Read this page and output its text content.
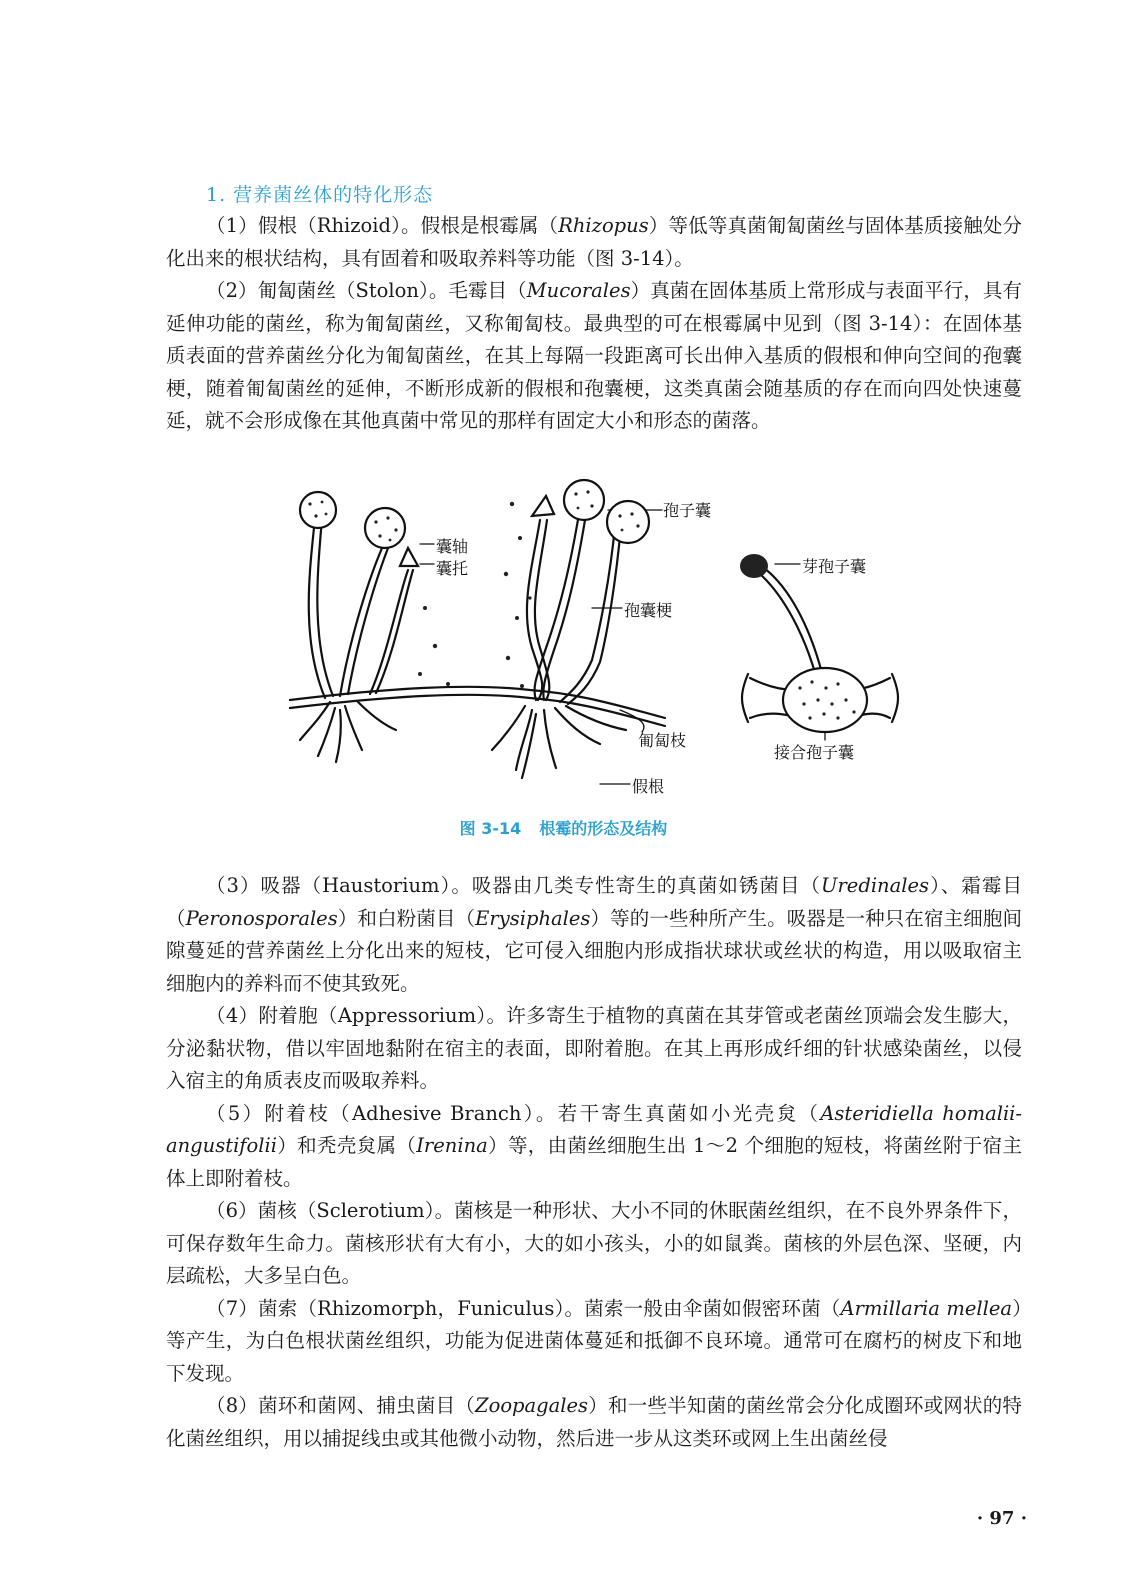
1. 营养菌丝体的特化形态

（1）假根（Rhizoid）。假根是根霉属（Rhizopus）等低等真菌匍匐菌丝与固体基质接触处分化出来的根状结构，具有固着和吸取养料等功能（图 3-14）。

（2）匍匐菌丝（Stolon）。毛霉目（Mucorales）真菌在固体基质上常形成与表面平行，具有延伸功能的菌丝，称为匍匐菌丝，又称匍匐枝。最典型的可在根霉属中见到（图 3-14）：在固体基质表面的营养菌丝分化为匍匐菌丝，在其上每隔一段距离可长出伸入基质的假根和伸向空间的孢囊梗，随着匍匐菌丝的延伸，不断形成新的假根和孢囊梗，这类真菌会随基质的存在而向四处快速蔓延，就不会形成像在其他真菌中常见的那样有固定大小和形态的菌落。

孢子囊
囊轴
囊托
孢囊梗
匍匐枝
假根
芽孢子囊
接合孢子囊
图 3-14 根霉的形态及结构

（3）吸器（Haustorium）。吸器由几类专性寄生的真菌如锈菌目（Uredinales）、霜霉目（Peronosporales）和白粉菌目（Erysiphales）等的一些种所产生。吸器是一种只在宿主细胞间隙蔓延的营养菌丝上分化出来的短枝，它可侵入细胞内形成指状球状或丝状的构造，用以吸取宿主细胞内的养料而不使其致死。

（4）附着胞（Appressorium）。许多寄生于植物的真菌在其芽管或老菌丝顶端会发生膨大，分泌黏状物，借以牢固地黏附在宿主的表面，即附着胞。在其上再形成纤细的针状感染菌丝，以侵入宿主的角质表皮而吸取养料。

（5）附着枝（Adhesive Branch）。若干寄生真菌如小光壳炱（Asteridiella homalii-angustifolii）和秃壳炱属（Irenina）等，由菌丝细胞生出 1～2 个细胞的短枝，将菌丝附于宿主体上即附着枝。

（6）菌核（Sclerotium）。菌核是一种形状、大小不同的休眠菌丝组织，在不良外界条件下，可保存数年生命力。菌核形状有大有小，大的如小孩头，小的如鼠粪。菌核的外层色深、坚硬，内层疏松，大多呈白色。

（7）菌索（Rhizomorph，Funiculus）。菌索一般由伞菌如假密环菌（Armillaria mellea）等产生，为白色根状菌丝组织，功能为促进菌体蔓延和抵御不良环境。通常可在腐朽的树皮下和地下发现。

（8）菌环和菌网、捕虫菌目（Zoopagales）和一些半知菌的菌丝常会分化成圈环或网状的特化菌丝组织，用以捕捉线虫或其他微小动物，然后进一步从这类环或网上生出菌丝侵

· 97 ·
